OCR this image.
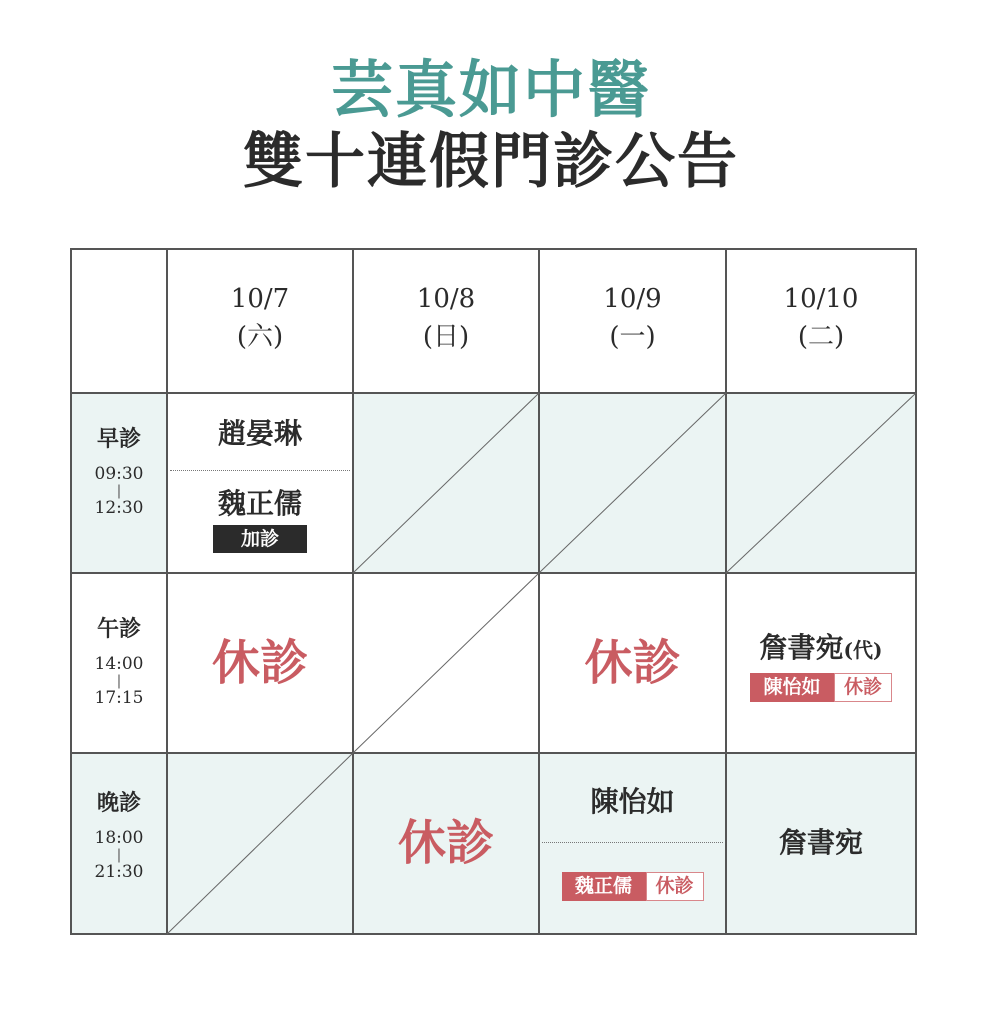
芸真如中醫
雙十連假門診公告
10/7
(六)
10/8
(日)
10/9
(一)
10/10
(二)
早診
09:30
|
12:30
午診
14:00
|
17:15
晚診
18:00
|
21:30
趙晏琳
魏正儒
加診
休診	休診	詹書宛(代)
陳怡如 休診
休診
陳怡如
魏正儒 休診
詹書宛
